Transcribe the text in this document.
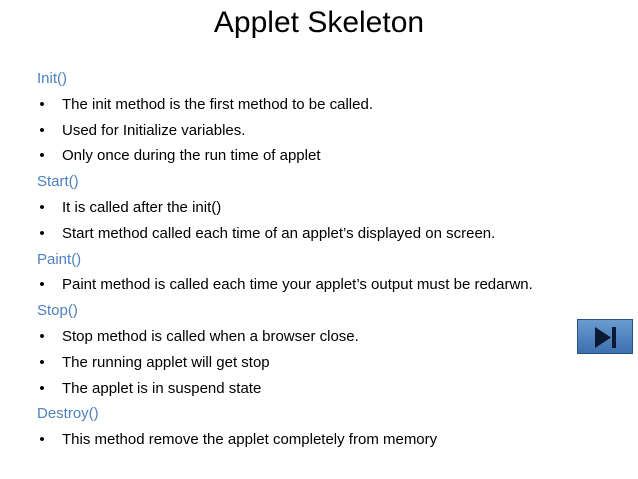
Applet Skeleton
Init()
• The init method is the first method to be called.
• Used for Initialize variables.
• Only once during the run time of applet
Start()
• It is called after the init()
• Start method called each time of an applet’s displayed on screen.
Paint()
• Paint method is called each time your applet’s output must be redarwn.
Stop()
• Stop method is called when a browser close.
• The running applet will get stop
• The applet is in suspend state
Destroy()
• This method remove the applet completely from memory
